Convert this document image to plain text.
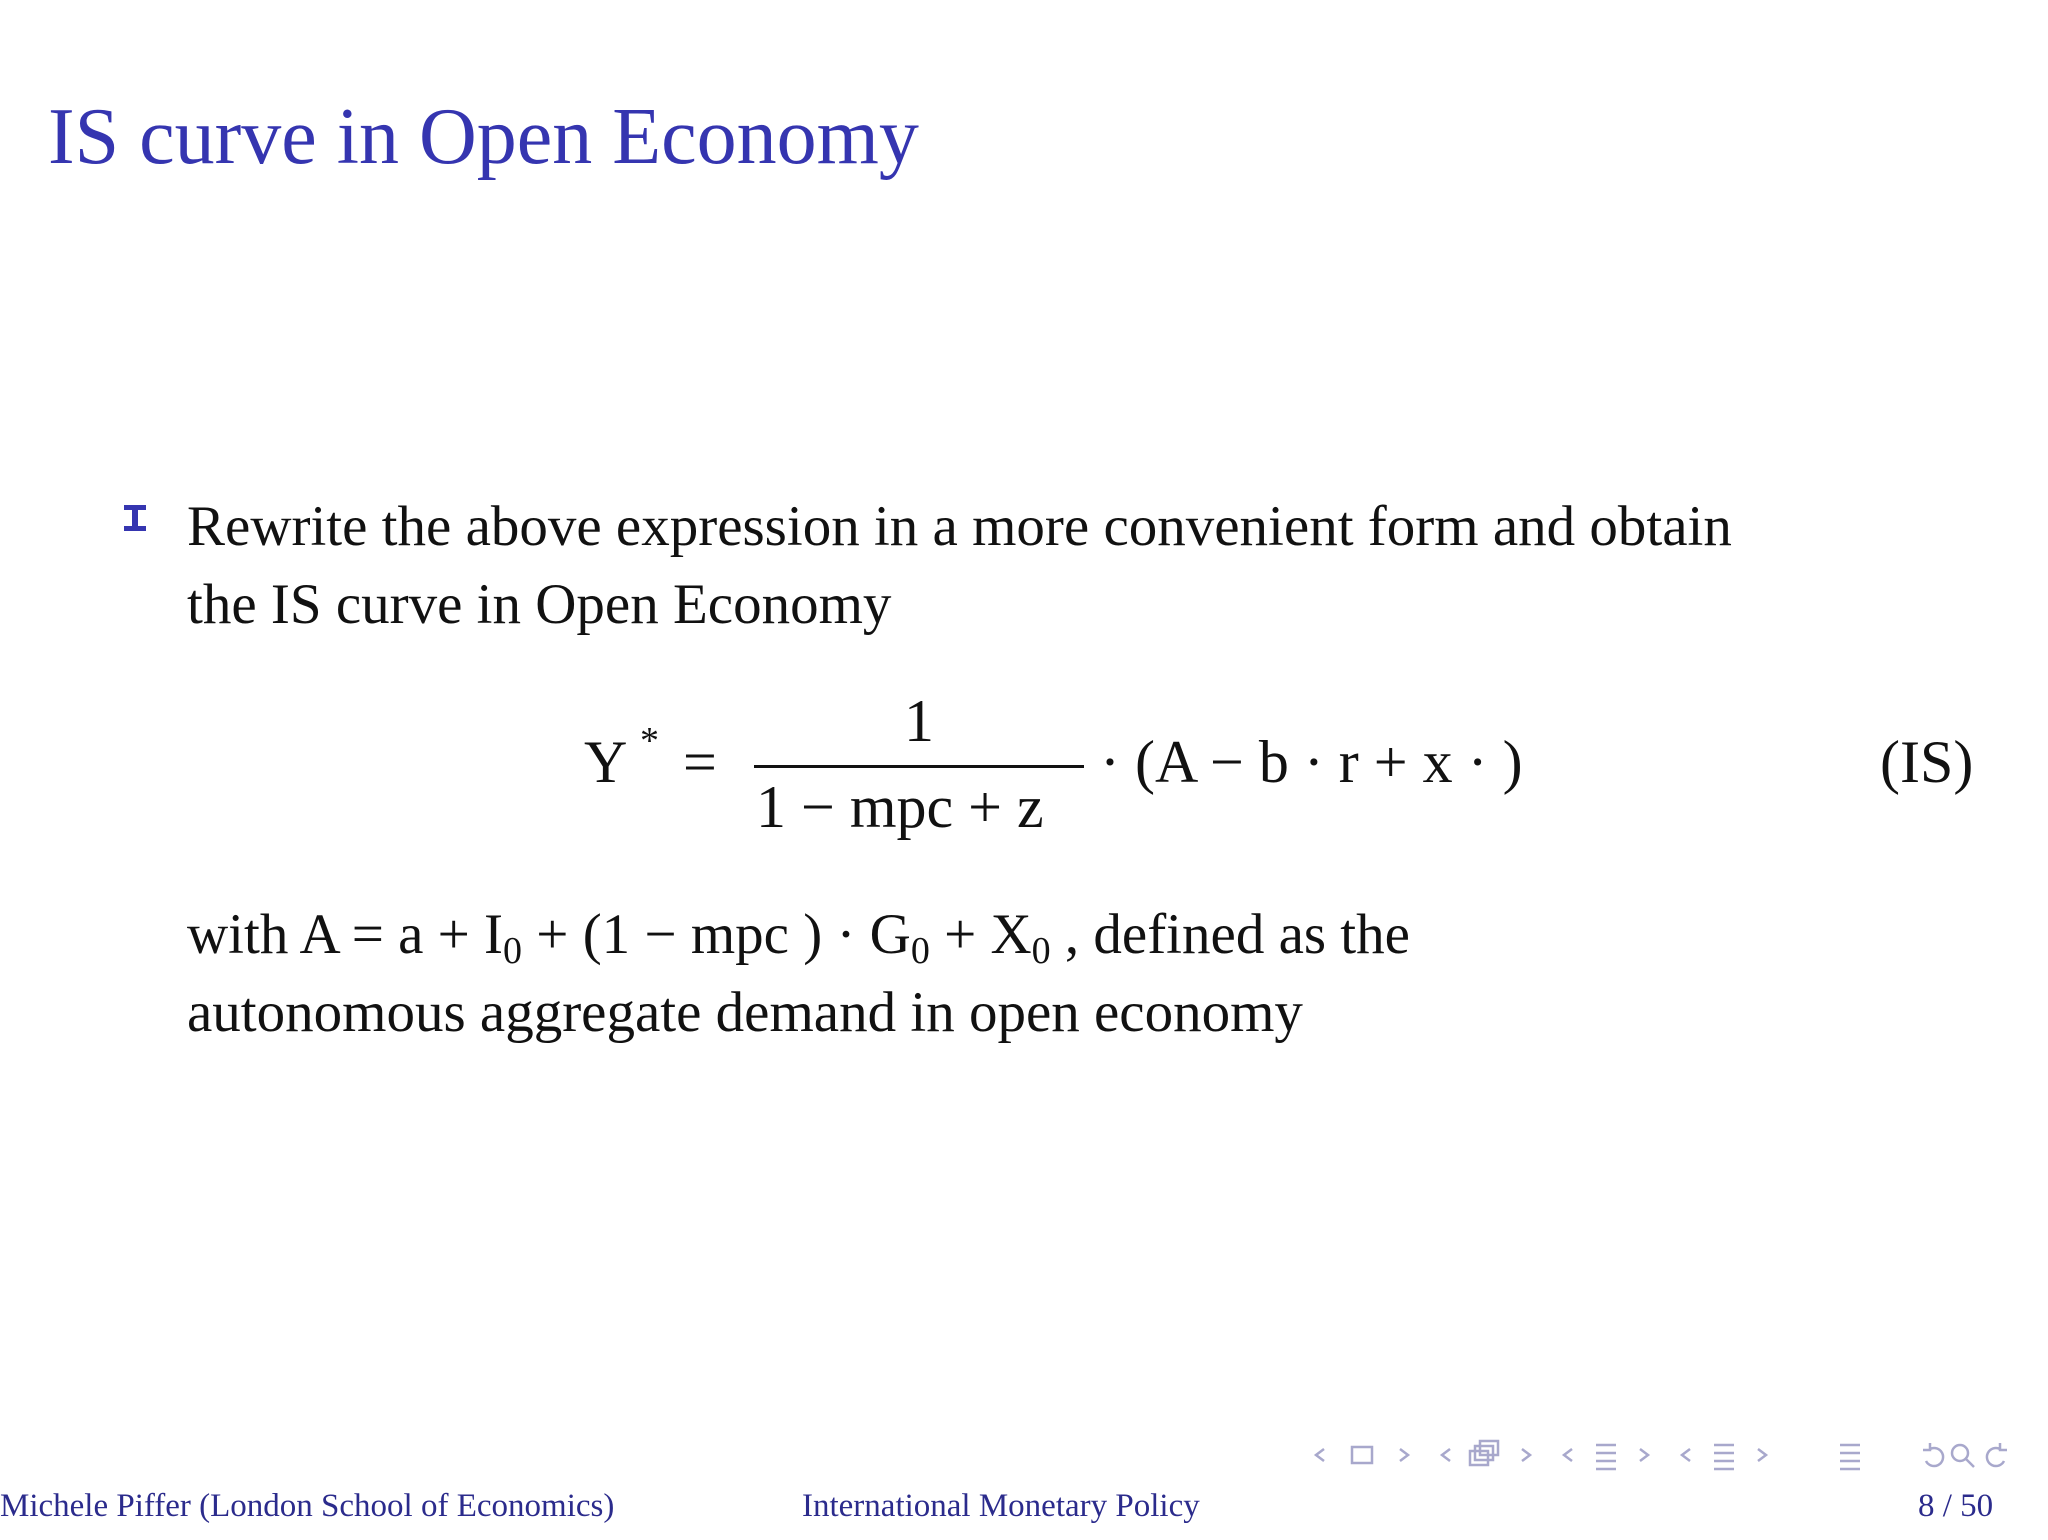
IS curve in Open Economy
Rewrite the above expression in a more convenient form and obtain
the IS curve in Open Economy
Y * =
1
1 − mpc + z
· (A − b · r + x · )	(IS)
with $A = a + I_0 + (1$ − mpc ) · $G_0 + X_0$ , defined as the
autonomous aggregate demand in open economy
Michele Piffer (London School of Economics)	International Monetary Policy	8 / 50
